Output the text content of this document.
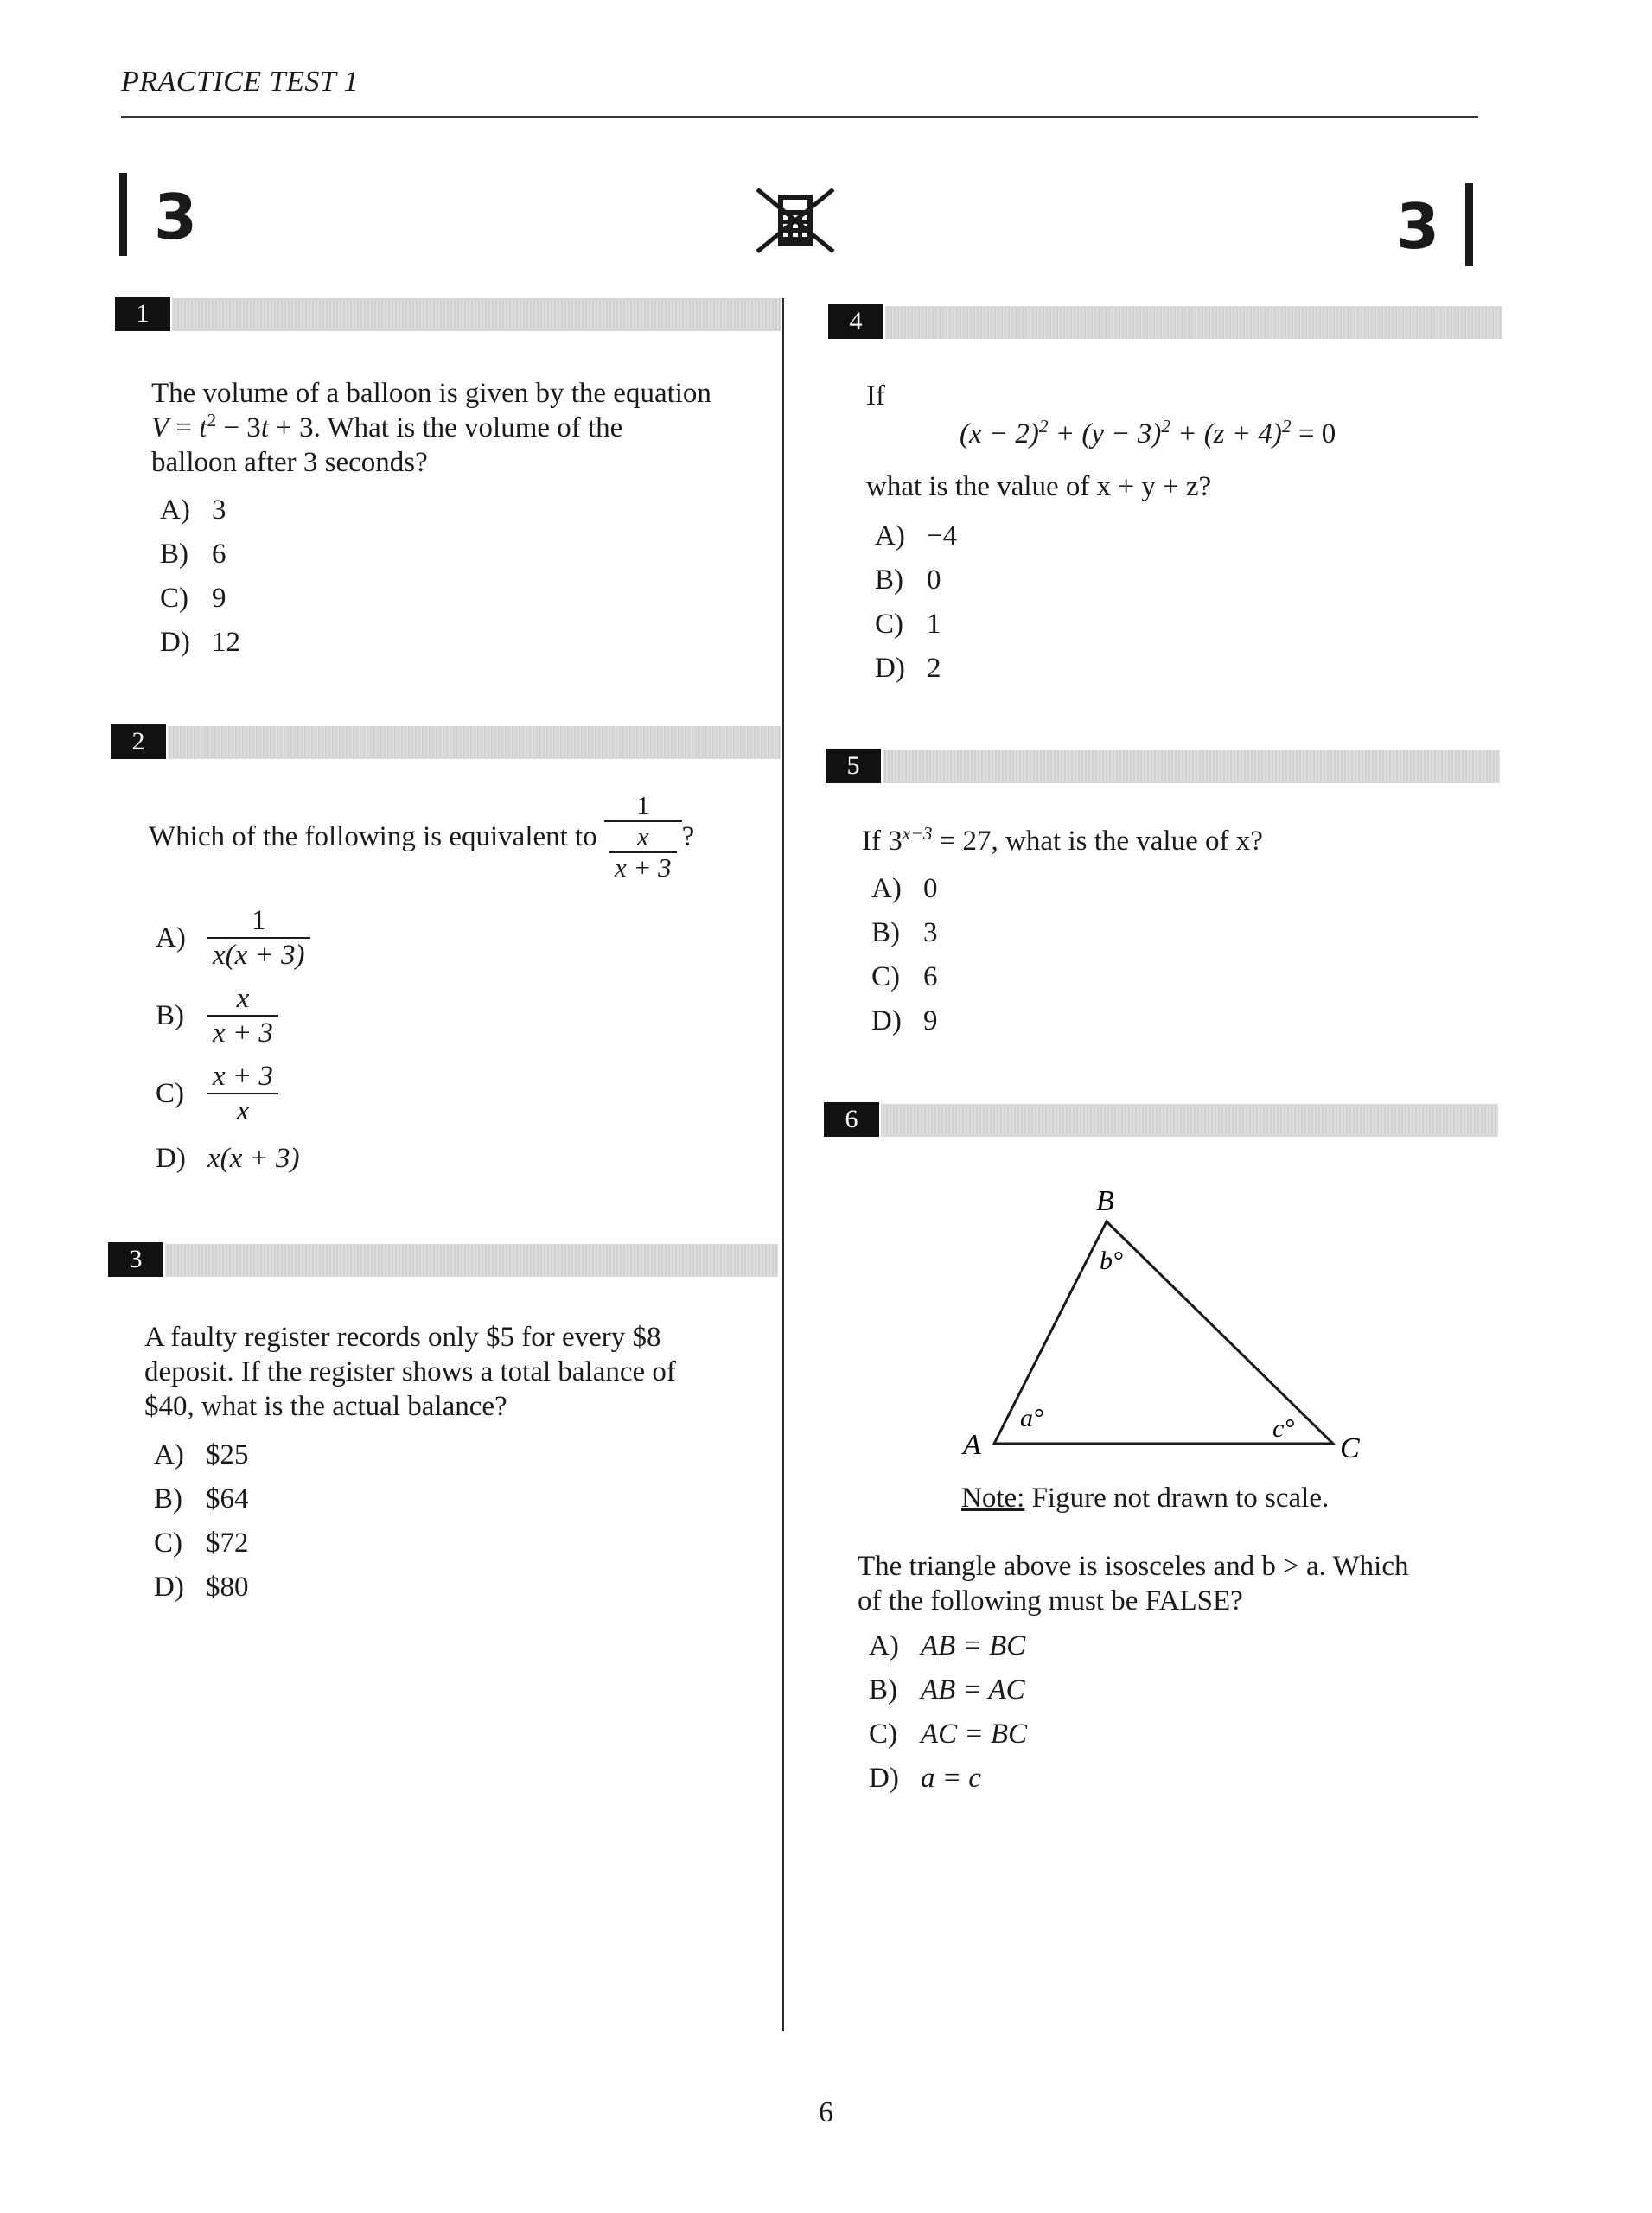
PRACTICE TEST 1
3	3
1
The volume of a balloon is given by the equation
$V = t^2 - 3t + 3$. What is the volume of the
balloon after 3 seconds?
A) 3
B) 6
C) 9
D) 12
2
Which of the following is equivalent to $\frac{1}{\frac{x}{x + 3}}$ ?
$A) \frac{1}{x(x + 3)}$
$B) \frac{x}{x + 3}$
$C) \frac{x + 3}{x}$
D) x(x + 3)
3
A faulty register records only $5 for every $8
deposit. If the register shows a total balance of
$40, what is the actual balance?
A) $25
B) $64
C) $72
D) $80
4
If
$(x - 2)^2 + (y - 3)^2 + (z + 4)^2 = 0$
what is the value of x + y + z?
A) −4
B) 0
C) 1
D) 2
5
If $3^{x-3} = 27$, what is the value of x?
A) 0
B) 3
C) 6
D) 9
6
B
A	C
b°
a°	c°
Note: Figure not drawn to scale.
The triangle above is isosceles and b > a. Which
of the following must be FALSE?
A) AB = BC
B) AB = AC
C) AC = BC
D) a = c
6
